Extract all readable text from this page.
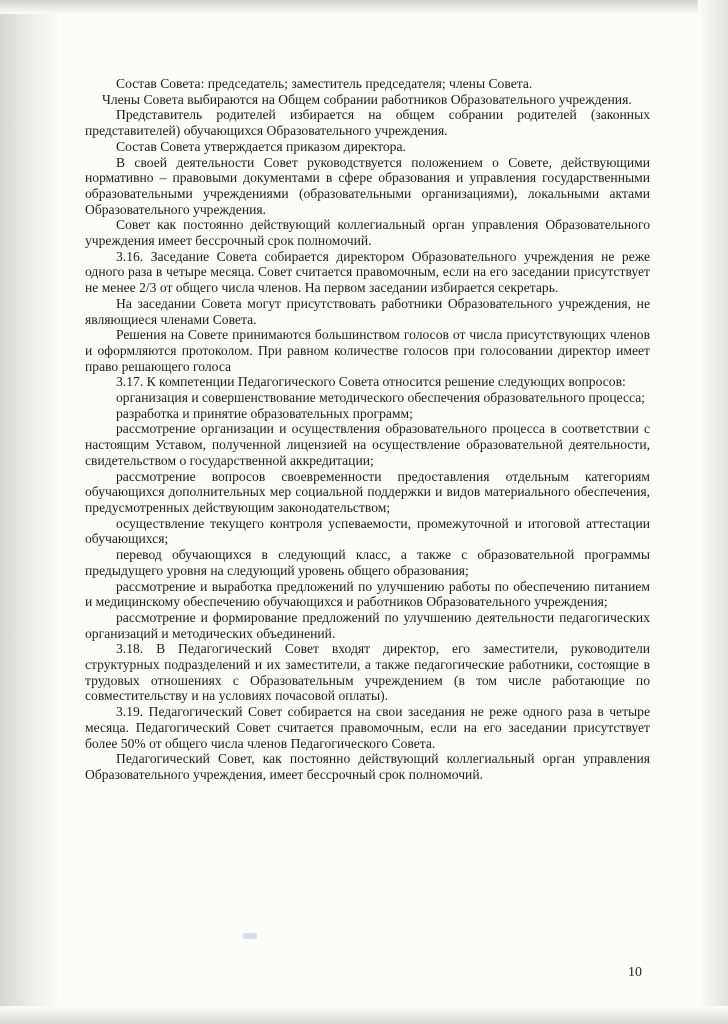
Состав Совета: председатель; заместитель председателя; члены Совета.

Члены Совета выбираются на Общем собрании работников Образовательного учреждения.

Представитель родителей избирается на общем собрании родителей (законных представителей) обучающихся Образовательного учреждения.

Состав Совета утверждается приказом директора.

В своей деятельности Совет руководствуется положением о Совете, действующими нормативно – правовыми документами в сфере образования и управления государственными образовательными учреждениями (образовательными организациями), локальными актами Образовательного учреждения.

Совет как постоянно действующий коллегиальный орган управления Образовательного учреждения имеет бессрочный срок полномочий.

3.16. Заседание Совета собирается директором Образовательного учреждения не реже одного раза в четыре месяца. Совет считается правомочным, если на его заседании присутствует не менее 2/3 от общего числа членов. На первом заседании избирается секретарь.

На заседании Совета могут присутствовать работники Образовательного учреждения, не являющиеся членами Совета.

Решения на Совете принимаются большинством голосов от числа присутствующих членов и оформляются протоколом. При равном количестве голосов при голосовании директор имеет право решающего голоса

3.17. К компетенции Педагогического Совета относится решение следующих вопросов:

организация и совершенствование методического обеспечения образовательного процесса;

разработка и принятие образовательных программ;

рассмотрение организации и осуществления образовательного процесса в соответствии с настоящим Уставом, полученной лицензией на осуществление образовательной деятельности, свидетельством о государственной аккредитации;

рассмотрение вопросов своевременности предоставления отдельным категориям обучающихся дополнительных мер социальной поддержки и видов материального обеспечения, предусмотренных действующим законодательством;

осуществление текущего контроля успеваемости, промежуточной и итоговой аттестации обучающихся;

перевод обучающихся в следующий класс, а также с образовательной программы предыдущего уровня на следующий уровень общего образования;

рассмотрение и выработка предложений по улучшению работы по обеспечению питанием и медицинскому обеспечению обучающихся и работников Образовательного учреждения;

рассмотрение и формирование предложений по улучшению деятельности педагогических организаций и методических объединений.

3.18. В Педагогический Совет входят директор, его заместители, руководители структурных подразделений и их заместители, а также педагогические работники, состоящие в трудовых отношениях с Образовательным учреждением (в том числе работающие по совместительству и на условиях почасовой оплаты).

3.19. Педагогический Совет собирается на свои заседания не реже одного раза в четыре месяца. Педагогический Совет считается правомочным, если на его заседании присутствует более 50% от общего числа членов Педагогического Совета.

Педагогический Совет, как постоянно действующий коллегиальный орган управления Образовательного учреждения, имеет бессрочный срок полномочий.

10
